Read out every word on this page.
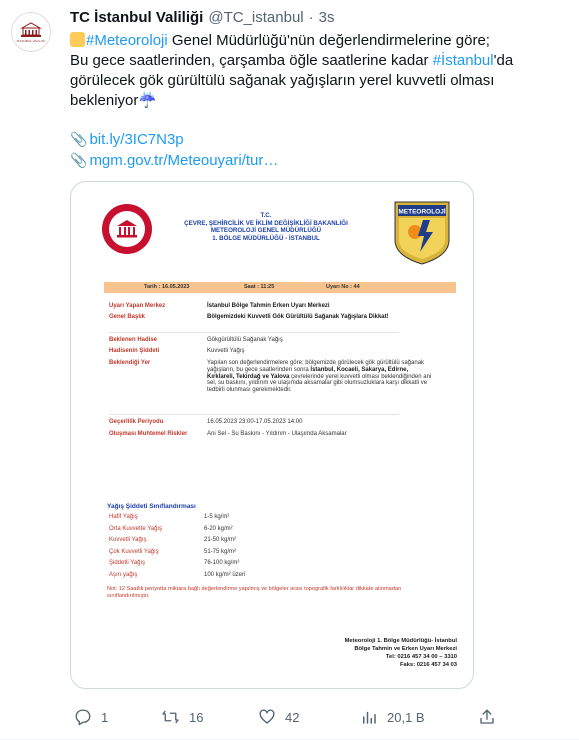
İSTANBUL VALİLİĞİ
TC İstanbul Valiliği @TC_istanbul · 3s

#Meteoroloji Genel Müdürlüğü'nün değerlendirmelerine göre;

Bu gece saatlerinden, çarşamba öğle saatlerine kadar #İstanbul'da

görülecek gök gürültülü sağanak yağışların yerel kuvvetli olması

bekleniyor☔

📎 bit.ly/3IC7N3p
📎 mgm.gov.tr/Meteouyari/tur…
T.C.
ÇEVRE, ŞEHİRCİLİK VE İKLİM DEĞİŞİKLİĞİ BAKANLIĞI
METEOROLOJİ GENEL MÜDÜRLÜĞÜ
1. BÖLGE MÜDÜRLÜĞÜ - İSTANBUL
METEOROLOJİ
Tarih : 16.05.2023	Saat : 11:25	Uyarı No : 44
Uyarı Yapan Merkez	İstanbul Bölge Tahmin Erken Uyarı Merkezi
Genel Başlık	Bölgemizdeki Kuvvetli Gök Gürültülü Sağanak Yağışlara Dikkat!
Beklenen Hadise	Gökgürültülü Sağanak Yağış
Hadisenin Şiddeti	Kuvvetli Yağış
Beklendiği Yer	Yapılan son değerlendirmelere göre; bölgemizde görülecek gök gürültülü sağanak yağışların, bu gece saatlerinden sonra İstanbul, Kocaeli, Sakarya, Edirne, Kırklareli, Tekirdağ ve Yalova çevrelerinde yerel kuvvetli olması beklendiğinden ani sel, su baskını, yıldırım ve ulaşımda aksamalar gibi olumsuzluklara karşı dikkatli ve tedbirli olunması gerekmektedir.
Geçerlilik Periyodu	16.05.2023 23:00-17.05.2023 14:00
Oluşması Muhtemel Riskler	Ani Sel - Su Baskını - Yıldırım - Ulaşımda Aksamalar
Yağış Şiddeti Sınıflandırması
Hafif Yağış	1-5 kg/m²
Orta Kuvvette Yağış	6-20 kg/m²
Kuvvetli Yağış	21-50 kg/m²
Çok Kuvvetli Yağış	51-75 kg/m²
Şiddetli Yağış	76-100 kg/m²
Aşırı yağış	100 kg/m² üzeri
Not: 12 Saatlik periyotta miktara bağlı değerlendirme yapılmış ve bölgeler arası topografik farklılıklar dikkate alınmadan sınıflandırılmıştır.
Meteoroloji 1. Bölge Müdürlüğü- İstanbul
Bölge Tahmin ve Erken Uyarı Merkezi
Tel: 0216 457 34 00 – 3310
Faks: 0216 457 34 03
1	16	42	20,1 B
